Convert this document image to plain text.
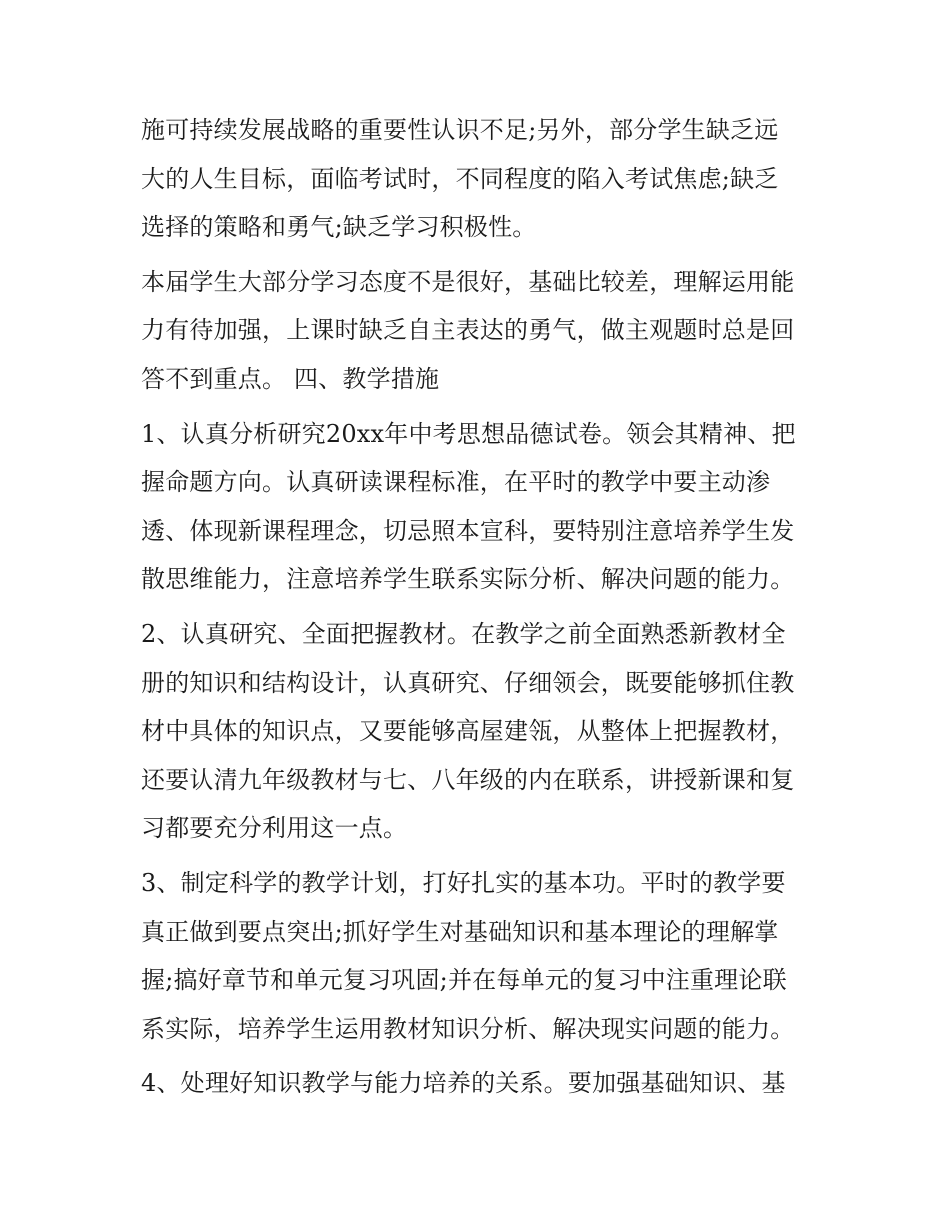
施可持续发展战略的重要性认识不足;另外，部分学生缺乏远
大的人生目标，面临考试时，不同程度的陷入考试焦虑;缺乏
选择的策略和勇气;缺乏学习积极性。
本届学生大部分学习态度不是很好，基础比较差，理解运用能
力有待加强，上课时缺乏自主表达的勇气，做主观题时总是回
答不到重点。 四、教学措施
1、认真分析研究20xx年中考思想品德试卷。领会其精神、把
握命题方向。认真研读课程标准，在平时的教学中要主动渗
透、体现新课程理念，切忌照本宣科，要特别注意培养学生发
散思维能力，注意培养学生联系实际分析、解决问题的能力。
2、认真研究、全面把握教材。在教学之前全面熟悉新教材全
册的知识和结构设计，认真研究、仔细领会，既要能够抓住教
材中具体的知识点，又要能够高屋建瓴，从整体上把握教材，
还要认清九年级教材与七、八年级的内在联系，讲授新课和复
习都要充分利用这一点。
3、制定科学的教学计划，打好扎实的基本功。平时的教学要
真正做到要点突出;抓好学生对基础知识和基本理论的理解掌
握;搞好章节和单元复习巩固;并在每单元的复习中注重理论联
系实际，培养学生运用教材知识分析、解决现实问题的能力。
4、处理好知识教学与能力培养的关系。要加强基础知识、基
